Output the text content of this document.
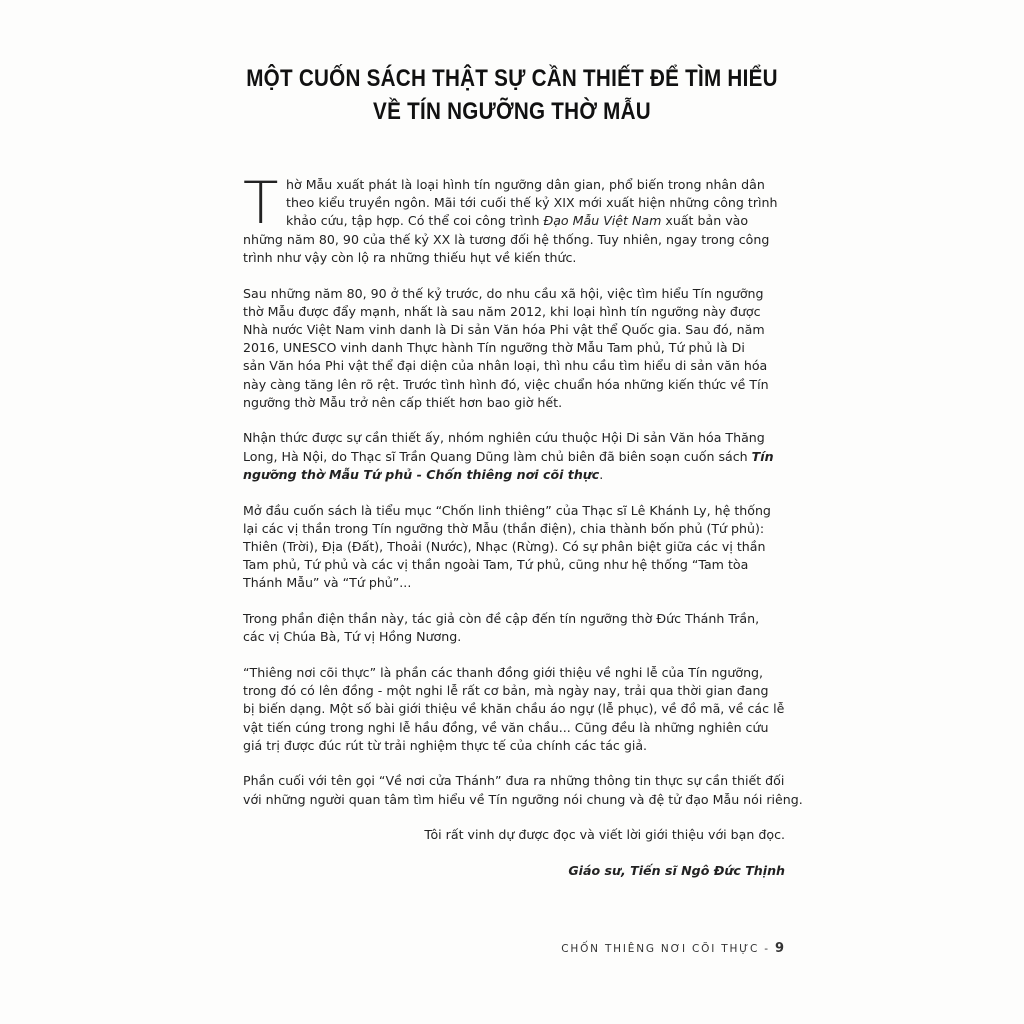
MỘT CUỐN SÁCH THẬT SỰ CẦN THIẾT ĐỂ TÌM HIỂU
VỀ TÍN NGƯỠNG THỜ MẪU
T hờ Mẫu xuất phát là loại hình tín ngưỡng dân gian, phổ biến trong nhân dân
theo kiểu truyền ngôn. Mãi tới cuối thế kỷ XIX mới xuất hiện những công trình
khảo cứu, tập hợp. Có thể coi công trình Đạo Mẫu Việt Nam xuất bản vào
những năm 80, 90 của thế kỷ XX là tương đối hệ thống. Tuy nhiên, ngay trong công
trình như vậy còn lộ ra những thiếu hụt về kiến thức.
Sau những năm 80, 90 ở thế kỷ trước, do nhu cầu xã hội, việc tìm hiểu Tín ngưỡng
thờ Mẫu được đẩy mạnh, nhất là sau năm 2012, khi loại hình tín ngưỡng này được
Nhà nước Việt Nam vinh danh là Di sản Văn hóa Phi vật thể Quốc gia. Sau đó, năm
2016, UNESCO vinh danh Thực hành Tín ngưỡng thờ Mẫu Tam phủ, Tứ phủ là Di
sản Văn hóa Phi vật thể đại diện của nhân loại, thì nhu cầu tìm hiểu di sản văn hóa
này càng tăng lên rõ rệt. Trước tình hình đó, việc chuẩn hóa những kiến thức về Tín
ngưỡng thờ Mẫu trở nên cấp thiết hơn bao giờ hết.
Nhận thức được sự cần thiết ấy, nhóm nghiên cứu thuộc Hội Di sản Văn hóa Thăng
Long, Hà Nội, do Thạc sĩ Trần Quang Dũng làm chủ biên đã biên soạn cuốn sách Tín
ngưỡng thờ Mẫu Tứ phủ - Chốn thiêng nơi cõi thực.
Mở đầu cuốn sách là tiểu mục “Chốn linh thiêng” của Thạc sĩ Lê Khánh Ly, hệ thống
lại các vị thần trong Tín ngưỡng thờ Mẫu (thần điện), chia thành bốn phủ (Tứ phủ):
Thiên (Trời), Địa (Đất), Thoải (Nước), Nhạc (Rừng). Có sự phân biệt giữa các vị thần
Tam phủ, Tứ phủ và các vị thần ngoài Tam, Tứ phủ, cũng như hệ thống “Tam tòa
Thánh Mẫu” và “Tứ phủ”...
Trong phần điện thần này, tác giả còn đề cập đến tín ngưỡng thờ Đức Thánh Trần,
các vị Chúa Bà, Tứ vị Hồng Nương.
“Thiêng nơi cõi thực” là phần các thanh đồng giới thiệu về nghi lễ của Tín ngưỡng,
trong đó có lên đồng - một nghi lễ rất cơ bản, mà ngày nay, trải qua thời gian đang
bị biến dạng. Một số bài giới thiệu về khăn chầu áo ngự (lễ phục), về đồ mã, về các lễ
vật tiến cúng trong nghi lễ hầu đồng, về văn chầu... Cũng đều là những nghiên cứu
giá trị được đúc rút từ trải nghiệm thực tế của chính các tác giả.
Phần cuối với tên gọi “Về nơi cửa Thánh” đưa ra những thông tin thực sự cần thiết đối
với những người quan tâm tìm hiểu về Tín ngưỡng nói chung và đệ tử đạo Mẫu nói riêng.

Tôi rất vinh dự được đọc và viết lời giới thiệu với bạn đọc.

Giáo sư, Tiến sĩ Ngô Đức Thịnh

CHỐN THIÊNG NƠI CÕI THỰC - 9
